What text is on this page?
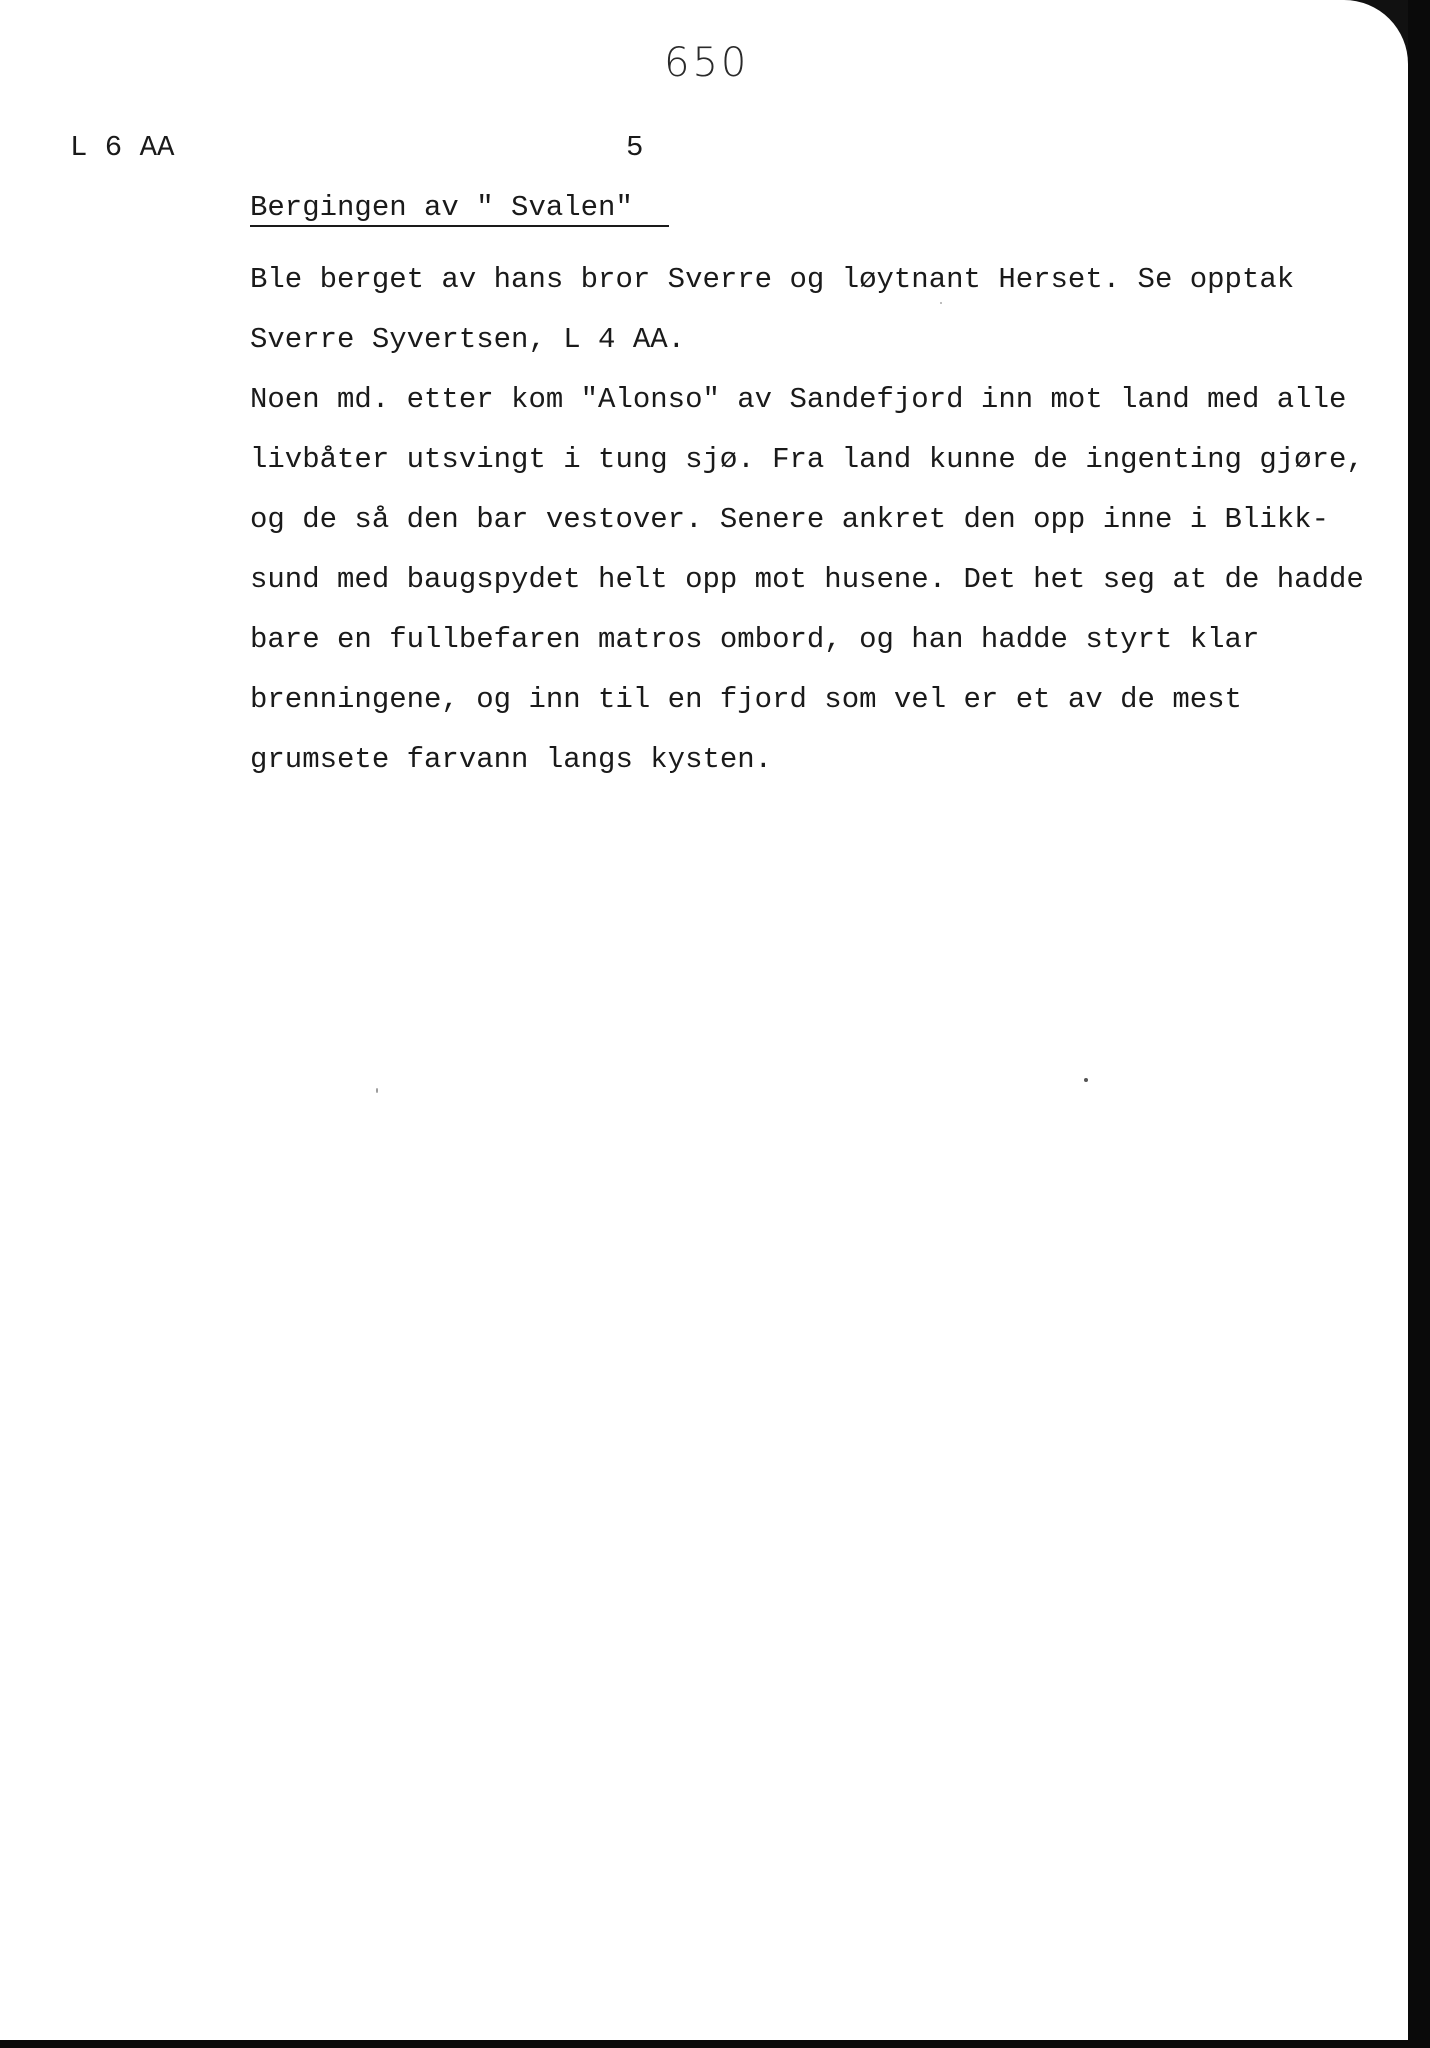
650
L 6 AA	5
Bergingen av " Svalen"
Ble berget av hans bror Sverre og løytnant Herset. Se opptak
Sverre Syvertsen, L 4 AA.
Noen md. etter kom "Alonso" av Sandefjord inn mot land med alle
livbåter utsvingt i tung sjø. Fra land kunne de ingenting gjøre,
og de så den bar vestover. Senere ankret den opp inne i Blikk-
sund med baugspydet helt opp mot husene. Det het seg at de hadde
bare en fullbefaren matros ombord, og han hadde styrt klar
brenningene, og inn til en fjord som vel er et av de mest
grumsete farvann langs kysten.
